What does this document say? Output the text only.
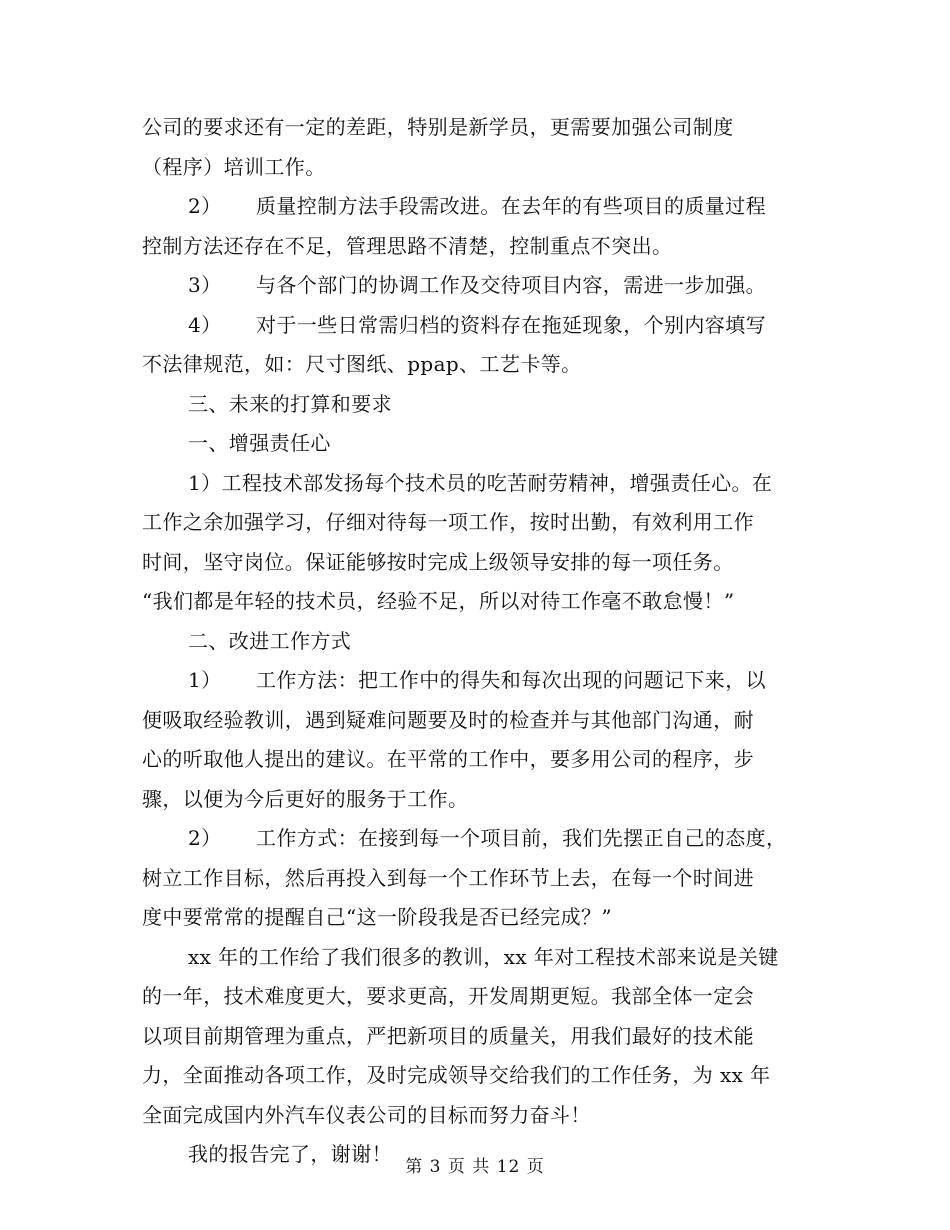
公司的要求还有一定的差距，特别是新学员，更需要加强公司制度

（程序）培训工作。

2） 质量控制方法手段需改进。在去年的有些项目的质量过程

控制方法还存在不足，管理思路不清楚，控制重点不突出。

3） 与各个部门的协调工作及交待项目内容，需进一步加强。

4） 对于一些日常需归档的资料存在拖延现象，个别内容填写

不法律规范，如：尺寸图纸、ppap、工艺卡等。

三、未来的打算和要求

一、增强责任心

1）工程技术部发扬每个技术员的吃苦耐劳精神，增强责任心。在

工作之余加强学习，仔细对待每一项工作，按时出勤，有效利用工作

时间，坚守岗位。保证能够按时完成上级领导安排的每一项任务。

“我们都是年轻的技术员，经验不足，所以对待工作毫不敢怠慢！”

二、改进工作方式

1） 工作方法：把工作中的得失和每次出现的问题记下来，以

便吸取经验教训，遇到疑难问题要及时的检查并与其他部门沟通，耐

心的听取他人提出的建议。在平常的工作中，要多用公司的程序，步

骤，以便为今后更好的服务于工作。

2） 工作方式：在接到每一个项目前，我们先摆正自己的态度，

树立工作目标，然后再投入到每一个工作环节上去，在每一个时间进

度中要常常的提醒自己“这一阶段我是否已经完成？”

xx 年的工作给了我们很多的教训，xx 年对工程技术部来说是关键

的一年，技术难度更大，要求更高，开发周期更短。我部全体一定会

以项目前期管理为重点，严把新项目的质量关，用我们最好的技术能

力，全面推动各项工作，及时完成领导交给我们的工作任务，为 xx 年

全面完成国内外汽车仪表公司的目标而努力奋斗！

我的报告完了，谢谢！

第 3 页 共 12 页
